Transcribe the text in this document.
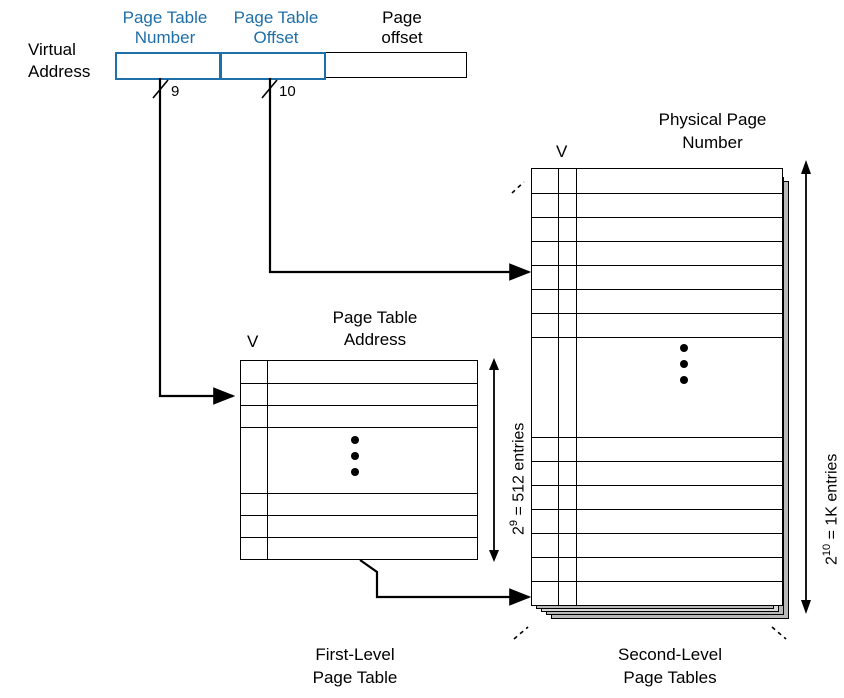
Virtual
Address
Page Table
Number
Page Table
Offset
Page
offset
9	10
V
Page Table
Address
$2^9 = 512$ entries
First-Level
Page Table
V
Physical Page
Number
$2^{10} = 1K$ entries
Second-Level
Page Tables
